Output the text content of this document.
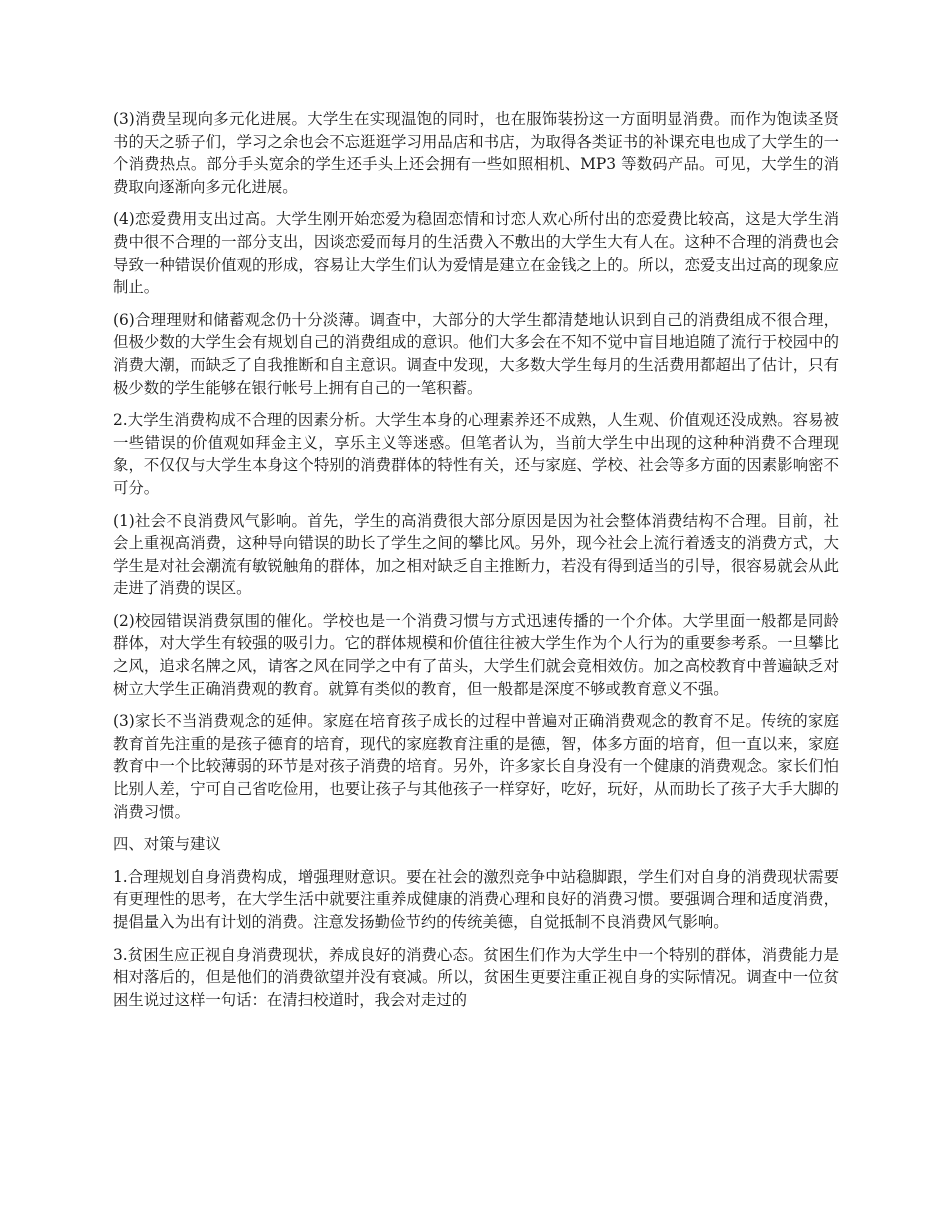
(3)消费呈现向多元化进展。大学生在实现温饱的同时，也在服饰装扮这一方面明显消费。而作为饱读圣贤书的天之骄子们，学习之余也会不忘逛逛学习用品店和书店，为取得各类证书的补课充电也成了大学生的一个消费热点。部分手头宽余的学生还手头上还会拥有一些如照相机、MP3 等数码产品。可见，大学生的消费取向逐渐向多元化进展。

(4)恋爱费用支出过高。大学生刚开始恋爱为稳固恋情和讨恋人欢心所付出的恋爱费比较高，这是大学生消费中很不合理的一部分支出，因谈恋爱而每月的生活费入不敷出的大学生大有人在。这种不合理的消费也会导致一种错误价值观的形成，容易让大学生们认为爱情是建立在金钱之上的。所以，恋爱支出过高的现象应制止。

(6)合理理财和储蓄观念仍十分淡薄。调查中，大部分的大学生都清楚地认识到自己的消费组成不很合理，但极少数的大学生会有规划自己的消费组成的意识。他们大多会在不知不觉中盲目地追随了流行于校园中的消费大潮，而缺乏了自我推断和自主意识。调查中发现，大多数大学生每月的生活费用都超出了估计，只有极少数的学生能够在银行帐号上拥有自己的一笔积蓄。

2.大学生消费构成不合理的因素分析。大学生本身的心理素养还不成熟，人生观、价值观还没成熟。容易被一些错误的价值观如拜金主义，享乐主义等迷惑。但笔者认为，当前大学生中出现的这种种消费不合理现象，不仅仅与大学生本身这个特别的消费群体的特性有关，还与家庭、学校、社会等多方面的因素影响密不可分。

(1)社会不良消费风气影响。首先，学生的高消费很大部分原因是因为社会整体消费结构不合理。目前，社会上重视高消费，这种导向错误的助长了学生之间的攀比风。另外，现今社会上流行着透支的消费方式，大学生是对社会潮流有敏锐触角的群体，加之相对缺乏自主推断力，若没有得到适当的引导，很容易就会从此走进了消费的误区。

(2)校园错误消费氛围的催化。学校也是一个消费习惯与方式迅速传播的一个介体。大学里面一般都是同龄群体，对大学生有较强的吸引力。它的群体规模和价值往往被大学生作为个人行为的重要参考系。一旦攀比之风，追求名牌之风，请客之风在同学之中有了苗头，大学生们就会竟相效仿。加之高校教育中普遍缺乏对树立大学生正确消费观的教育。就算有类似的教育，但一般都是深度不够或教育意义不强。

(3)家长不当消费观念的延伸。家庭在培育孩子成长的过程中普遍对正确消费观念的教育不足。传统的家庭教育首先注重的是孩子德育的培育，现代的家庭教育注重的是德，智，体多方面的培育，但一直以来，家庭教育中一个比较薄弱的环节是对孩子消费的培育。另外，许多家长自身没有一个健康的消费观念。家长们怕比别人差，宁可自己省吃俭用，也要让孩子与其他孩子一样穿好，吃好，玩好，从而助长了孩子大手大脚的消费习惯。

四、对策与建议

1.合理规划自身消费构成，增强理财意识。要在社会的激烈竞争中站稳脚跟，学生们对自身的消费现状需要有更理性的思考，在大学生活中就要注重养成健康的消费心理和良好的消费习惯。要强调合理和适度消费，提倡量入为出有计划的消费。注意发扬勤俭节约的传统美德，自觉抵制不良消费风气影响。

3.贫困生应正视自身消费现状，养成良好的消费心态。贫困生们作为大学生中一个特别的群体，消费能力是相对落后的，但是他们的消费欲望并没有衰减。所以，贫困生更要注重正视自身的实际情况。调查中一位贫困生说过这样一句话：在清扫校道时，我会对走过的
